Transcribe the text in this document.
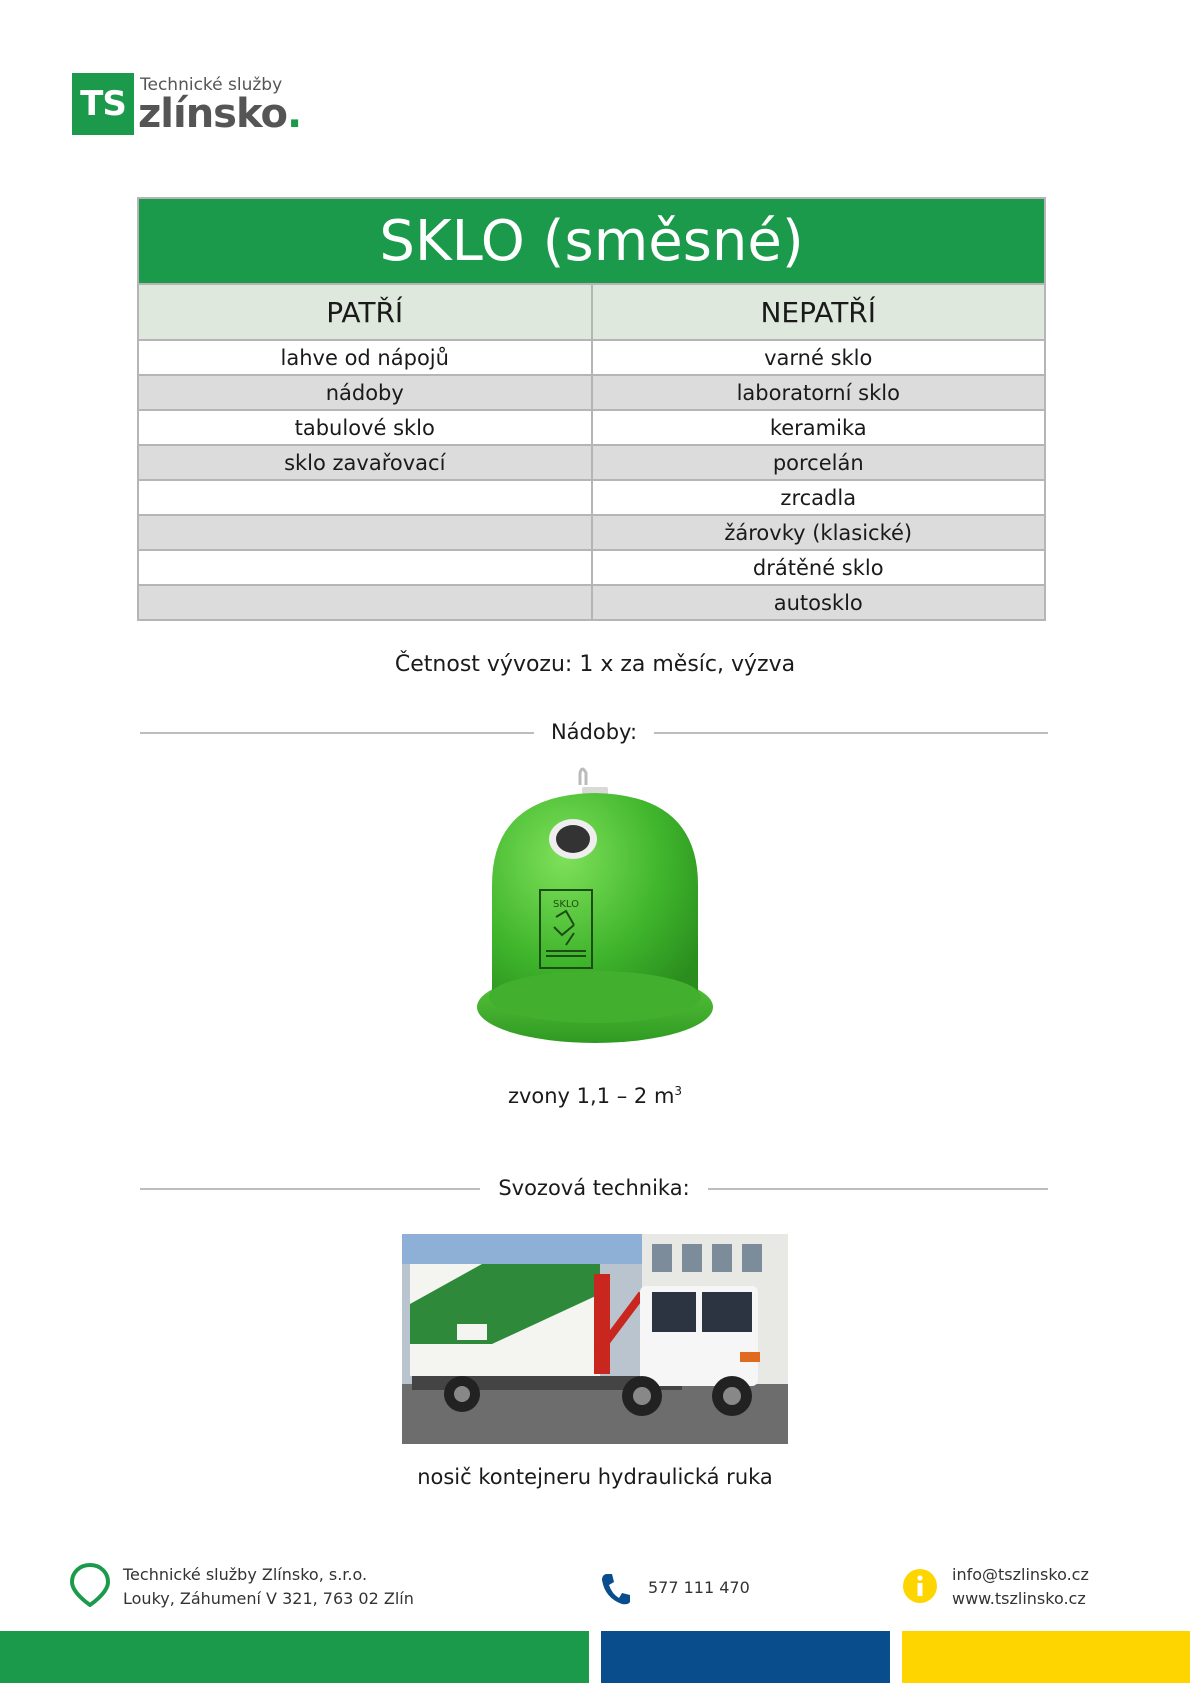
TS Technické služby
zlínsko.
SKLO (směsné)	
PATŘÍ	NEPATŘÍ
lahve od nápojů	varné sklo
nádoby	laboratorní sklo
tabulové sklo	keramika
sklo zavařovací	porcelán
	zrcadla
	žárovky (klasické)
	drátěné sklo
	autosklo
Četnost vývozu: 1 x za měsíc, výzva
Nádoby:
SKLO
zvony 1,1 – 2 $m^3$
Svozová technika:
nosič kontejneru hydraulická ruka
Technické služby Zlínsko, s.r.o.
Louky, Záhumení V 321, 763 02 Zlín
577 111 470
info@tszlinsko.cz
www.tszlinsko.cz
